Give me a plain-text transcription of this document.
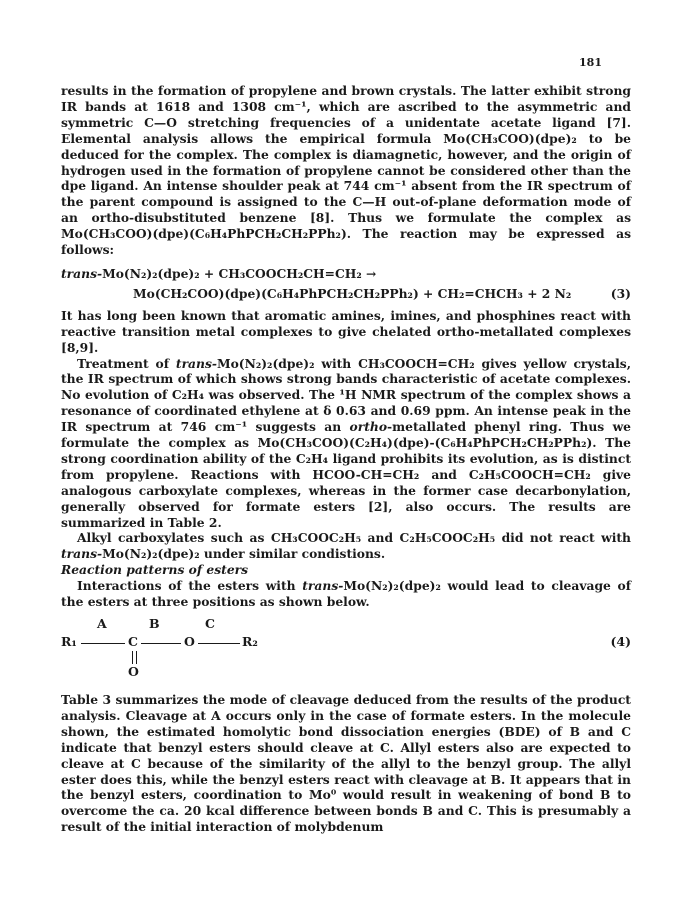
181

results in the formation of propylene and brown crystals. The latter exhibit strong IR bands at 1618 and 1308 cm⁻¹, which are ascribed to the asymmetric and symmetric C—O stretching frequencies of a unidentate acetate ligand [7]. Elemental analysis allows the empirical formula Mo(CH₃COO)(dpe)₂ to be deduced for the complex. The complex is diamagnetic, however, and the origin of hydrogen used in the formation of propylene cannot be considered other than the dpe ligand. An intense shoulder peak at 744 cm⁻¹ absent from the IR spectrum of the parent compound is assigned to the C—H out-of-plane deformation mode of an ortho-disubstituted benzene [8]. Thus we formulate the complex as Mo(CH₃COO)(dpe)(C₆H₄PhPCH₂CH₂PPh₂). The reaction may be expressed as follows:

trans-Mo(N₂)₂(dpe)₂ + CH₃COOCH₂CH=CH₂ →
Mo(CH₂COO)(dpe)(C₆H₄PhPCH₂CH₂PPh₂) + CH₂=CHCH₃ + 2 N₂	(3)

It has long been known that aromatic amines, imines, and phosphines react with reactive transition metal complexes to give chelated ortho-metallated complexes [8,9].

Treatment of trans-Mo(N₂)₂(dpe)₂ with CH₃COOCH=CH₂ gives yellow crystals, the IR spectrum of which shows strong bands characteristic of acetate complexes. No evolution of C₂H₄ was observed. The ¹H NMR spectrum of the complex shows a resonance of coordinated ethylene at δ 0.63 and 0.69 ppm. An intense peak in the IR spectrum at 746 cm⁻¹ suggests an ortho-metallated phenyl ring. Thus we formulate the complex as Mo(CH₃COO)(C₂H₄)(dpe)-(C₆H₄PhPCH₂CH₂PPh₂). The strong coordination ability of the C₂H₄ ligand prohibits its evolution, as is distinct from propylene. Reactions with HCOO-CH=CH₂ and C₂H₅COOCH=CH₂ give analogous carboxylate complexes, whereas in the former case decarbonylation, generally observed for formate esters [2], also occurs. The results are summarized in Table 2.

Alkyl carboxylates such as CH₃COOC₂H₅ and C₂H₅COOC₂H₅ did not react with trans-Mo(N₂)₂(dpe)₂ under similar condistions.

Reaction patterns of esters

Interactions of the esters with trans-Mo(N₂)₂(dpe)₂ would lead to cleavage of the esters at three positions as shown below.

A	B	C
R₁	C	O	R₂
O
(4)

Table 3 summarizes the mode of cleavage deduced from the results of the product analysis. Cleavage at A occurs only in the case of formate esters. In the molecule shown, the estimated homolytic bond dissociation energies (BDE) of B and C indicate that benzyl esters should cleave at C. Allyl esters also are expected to cleave at C because of the similarity of the allyl to the benzyl group. The allyl ester does this, while the benzyl esters react with cleavage at B. It appears that in the benzyl esters, coordination to Mo⁰ would result in weakening of bond B to overcome the ca. 20 kcal difference between bonds B and C. This is presumably a result of the initial interaction of molybdenum
